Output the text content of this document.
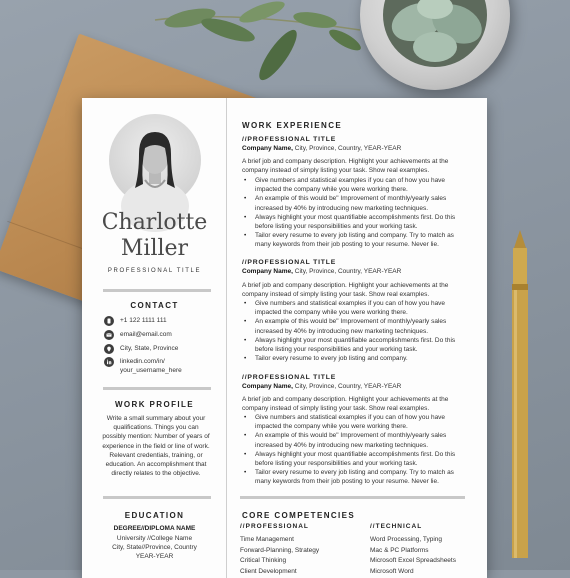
Charlotte
Miller
PROFESSIONAL TITLE
CONTACT
+1 122 1111 111
email@email.com
City, State, Province
linkedin.com/in/
your_username_here
WORK PROFILE
Write a small summary about your qualifications. Things you can possibly mention: Number of years of experience in the field or line of work. Relevant credentials, training, or education. An accomplishment that directly relates to the objective.
EDUCATION
DEGREE//DIPLOMA NAME
University //College Name
City, State//Province, Country
YEAR-YEAR
WORK EXPERIENCE
//PROFESSIONAL TITLE
Company Name, City, Province, Country, YEAR-YEAR
A brief job and company description. Highlight your achievements at the company instead of simply listing your task. Show real examples.
• Give numbers and statistical examples if you can of how you have impacted the company while you were working there.
• An example of this would be" Improvement of monthly/yearly sales increased by 40% by introducing new marketing techniques.
• Always highlight your most quantifiable accomplishments first. Do this before listing your responsibilities and your working task.
• Tailor every resume to every job listing and company. Try to match as many keywords from their job posting to your resume. Never lie.
//PROFESSIONAL TITLE
Company Name, City, Province, Country, YEAR-YEAR
A brief job and company description. Highlight your achievements at the company instead of simply listing your task. Show real examples.
• Give numbers and statistical examples if you can of how you have impacted the company while you were working there.
• An example of this would be" Improvement of monthly/yearly sales increased by 40% by introducing new marketing techniques.
• Always highlight your most quantifiable accomplishments first. Do this before listing your responsibilities and your working task.
• Tailor every resume to every job listing and company.
//PROFESSIONAL TITLE
Company Name, City, Province, Country, YEAR-YEAR
A brief job and company description. Highlight your achievements at the company instead of simply listing your task. Show real examples.
• Give numbers and statistical examples if you can of how you have impacted the company while you were working there.
• An example of this would be" Improvement of monthly/yearly sales increased by 40% by introducing new marketing techniques.
• Always highlight your most quantifiable accomplishments first. Do this before listing your responsibilities and your working task.
• Tailor every resume to every job listing and company. Try to match as many keywords from their job posting to your resume. Never lie.
CORE COMPETENCIES
//PROFESSIONAL
Time Management
Forward-Planning, Strategy
Critical Thinking
Client Development
//TECHNICAL
Word Processing, Typing
Mac & PC Platforms
Microsoft Excel Spreadsheets
Microsoft Word
